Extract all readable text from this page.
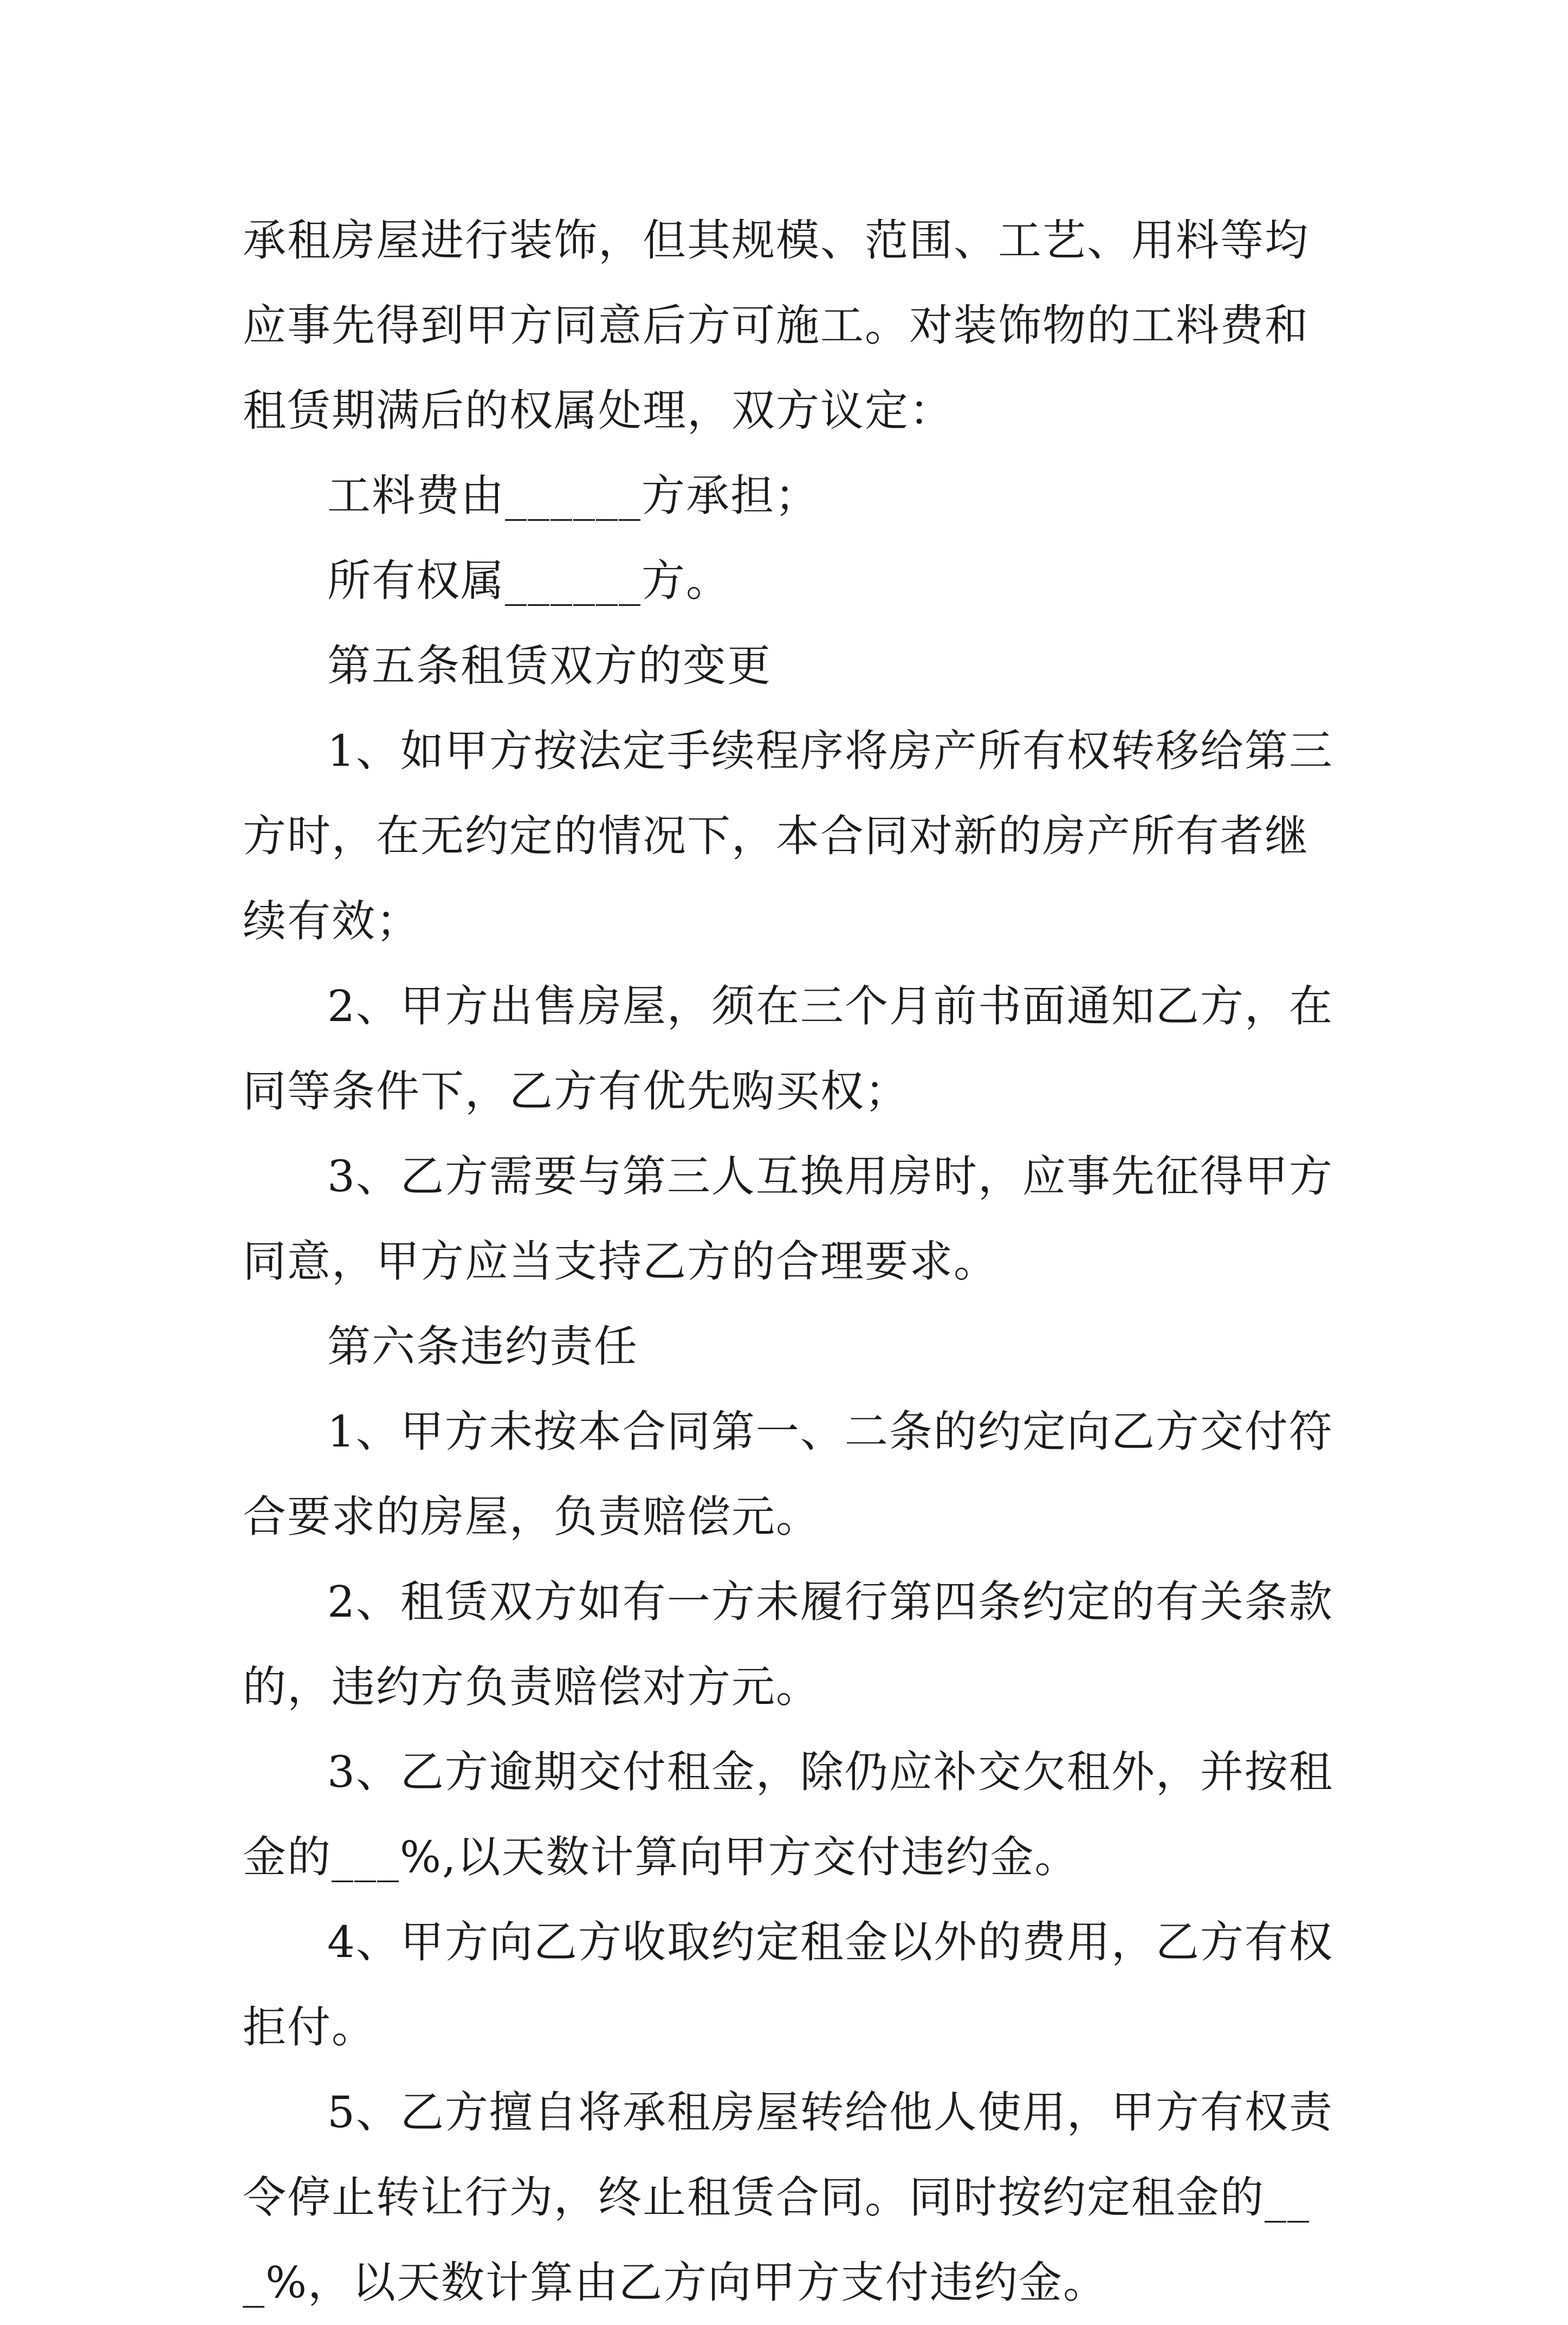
承租房屋进行装饰，但其规模、范围、工艺、用料等均应事先得到甲方同意后方可施工。对装饰物的工料费和租赁期满后的权属处理，双方议定：

工料费由______方承担；

所有权属______方。

第五条租赁双方的变更

1、如甲方按法定手续程序将房产所有权转移给第三方时，在无约定的情况下，本合同对新的房产所有者继续有效；

2、甲方出售房屋，须在三个月前书面通知乙方，在同等条件下，乙方有优先购买权；

3、乙方需要与第三人互换用房时，应事先征得甲方同意，甲方应当支持乙方的合理要求。

第六条违约责任

1、甲方未按本合同第一、二条的约定向乙方交付符合要求的房屋，负责赔偿元。

2、租赁双方如有一方未履行第四条约定的有关条款的，违约方负责赔偿对方元。

3、乙方逾期交付租金，除仍应补交欠租外，并按租金的___%,以天数计算向甲方交付违约金。

4、甲方向乙方收取约定租金以外的费用，乙方有权拒付。

5、乙方擅自将承租房屋转给他人使用，甲方有权责令停止转让行为，终止租赁合同。同时按约定租金的___%，以天数计算由乙方向甲方支付违约金。
